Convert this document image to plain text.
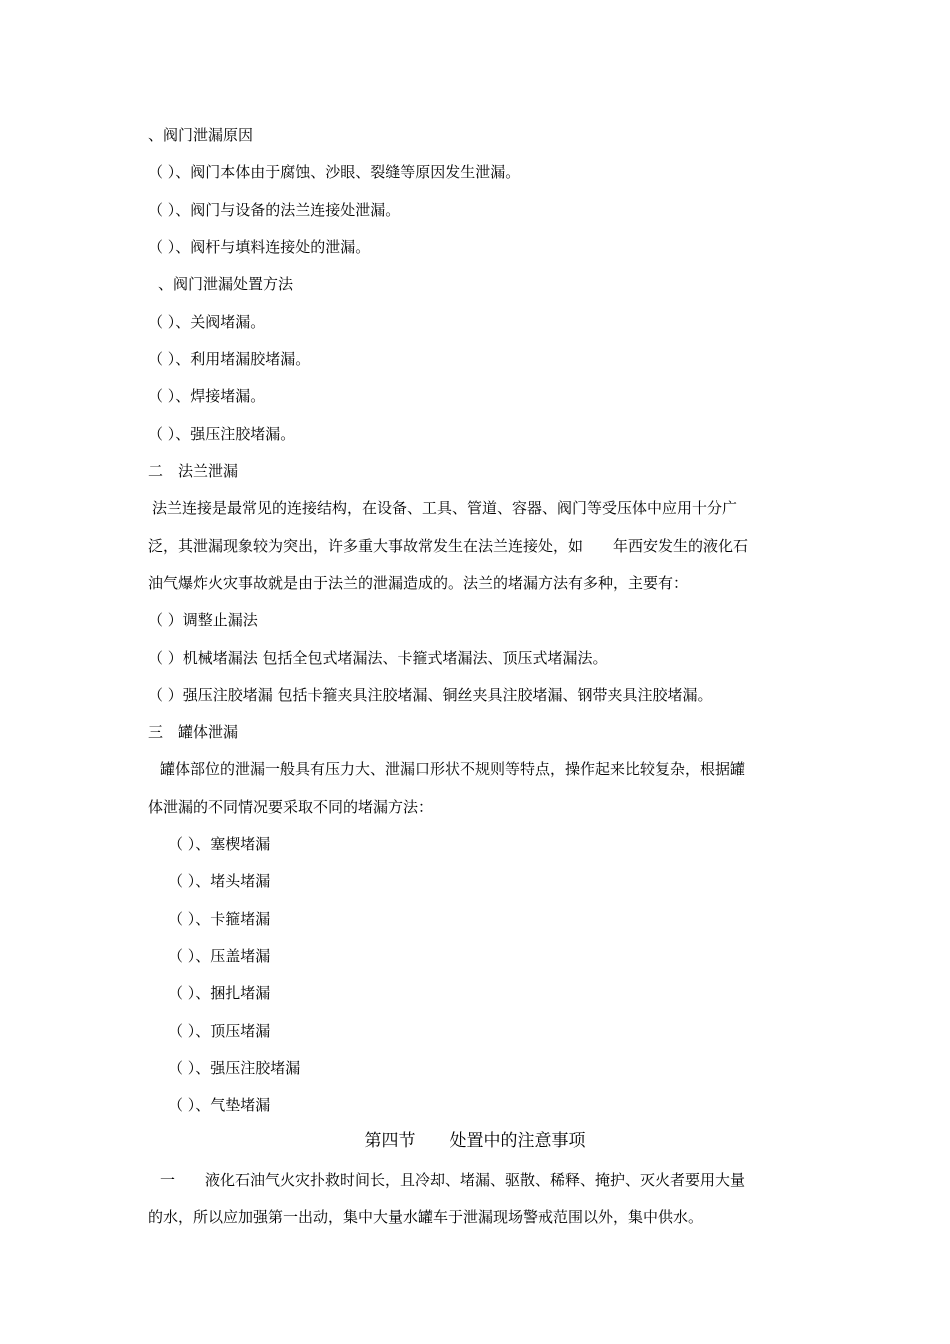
、阀门泄漏原因

（ ）、阀门本体由于腐蚀、沙眼、裂缝等原因发生泄漏。

（ ）、阀门与设备的法兰连接处泄漏。

（ ）、阀杆与填料连接处的泄漏。

、阀门泄漏处置方法

（ ）、关阀堵漏。

（ ）、利用堵漏胶堵漏。

（ ）、焊接堵漏。

（ ）、强压注胶堵漏。

二　法兰泄漏

法兰连接是最常见的连接结构，在设备、工具、管道、容器、阀门等受压体中应用十分广

泛，其泄漏现象较为突出，许多重大事故常发生在法兰连接处，如　　年西安发生的液化石

油气爆炸火灾事故就是由于法兰的泄漏造成的。法兰的堵漏方法有多种，主要有：

（ ）调整止漏法

（ ）机械堵漏法 包括全包式堵漏法、卡箍式堵漏法、顶压式堵漏法。

（ ）强压注胶堵漏 包括卡箍夹具注胶堵漏、铜丝夹具注胶堵漏、钢带夹具注胶堵漏。

三　罐体泄漏

罐体部位的泄漏一般具有压力大、泄漏口形状不规则等特点，操作起来比较复杂，根据罐

体泄漏的不同情况要采取不同的堵漏方法：

（ ）、塞楔堵漏

（ ）、堵头堵漏

（ ）、卡箍堵漏

（ ）、压盖堵漏

（ ）、捆扎堵漏

（ ）、顶压堵漏

（ ）、强压注胶堵漏

（ ）、气垫堵漏

第四节　　处置中的注意事项

一　　液化石油气火灾扑救时间长，且冷却、堵漏、驱散、稀释、掩护、灭火者要用大量

的水，所以应加强第一出动，集中大量水罐车于泄漏现场警戒范围以外，集中供水。
